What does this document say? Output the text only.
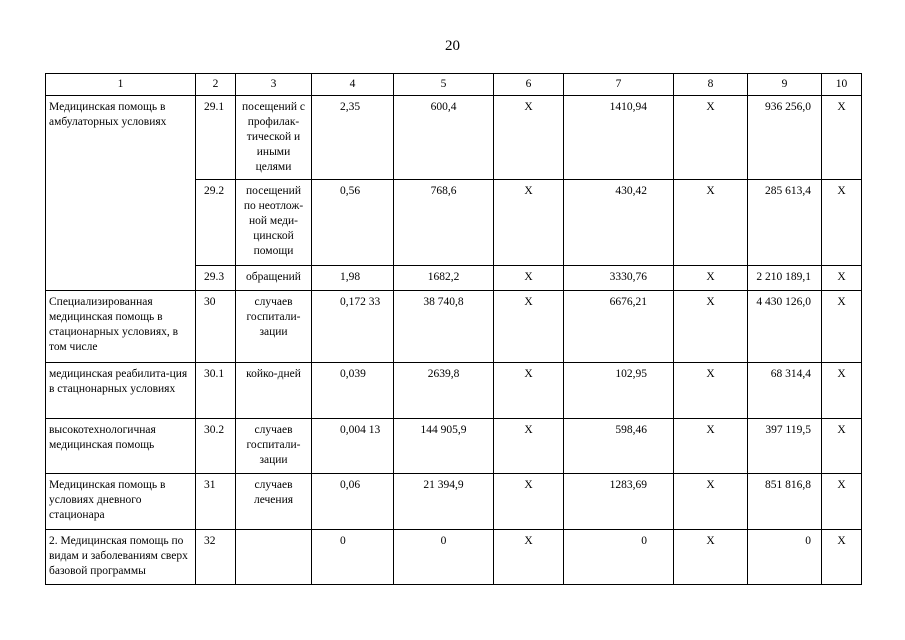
20
1	2	3	4	5	6	7	8	9	10
Медицинская помощь в амбулаторных условиях	29.1	посещений с профилак-тической и иными целями	2,35	600,4	Х	1410,94	Х	936 256,0	Х
	29.2	посещений по неотлож-ной меди-цинской помощи	0,56	768,6	Х	430,42	Х	285 613,4	Х
	29.3	обращений	1,98	1682,2	Х	3330,76	Х	2 210 189,1	Х
Специализированная медицинская помощь в стационарных условиях, в том числе	30	случаев госпитали-зации	0,172 33	38 740,8	Х	6676,21	Х	4 430 126,0	Х
медицинская реабилита-ция в стацнонарных условиях	30.1	койко-дней	0,039	2639,8	Х	102,95	Х	68 314,4	Х
высокотехнологичная медицинская помощь	30.2	случаев госпитали-зации	0,004 13	144 905,9	Х	598,46	Х	397 119,5	Х
Медицинская помощь в условиях дневного стационара	31	случаев лечения	0,06	21 394,9	Х	1283,69	Х	851 816,8	Х
2. Медицинская помощь по видам и заболеваниям сверх базовой программы	32		0	0	Х	0	Х	0	Х
